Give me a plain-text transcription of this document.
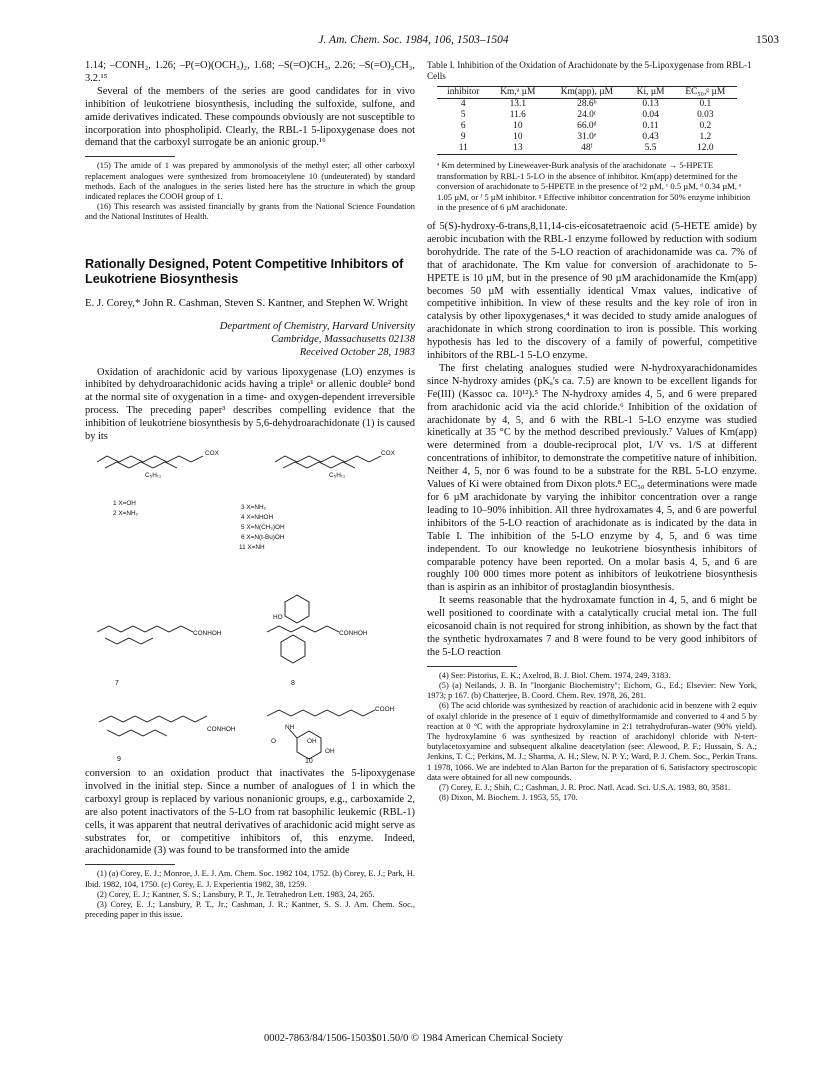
J. Am. Chem. Soc. 1984, 106, 1503–1504	1503

1.14; –CONH₂, 1.26; –P(=O)(OCH₃)₂, 1.68; –S(=O)CH₃, 2.26; –S(=O)₂CH₃, 3.2.¹⁵

Several of the members of the series are good candidates for in vivo inhibition of leukotriene biosynthesis, including the sulfoxide, sulfone, and amide derivatives indicated. These compounds obviously are not susceptible to incorporation into phospholipid. Clearly, the RBL-1 5-lipoxygenase does not demand that the carboxyl surrogate be an anionic group.¹⁶

(15) The amide of 1 was prepared by ammonolysis of the methyl ester; all other carboxyl replacement analogues were synthesized from bromoacetylene 10 (undeuterated) by standard methods. Each of the analogues in the series listed here has the structure in which the group indicated replaces the COOH group of 1.

(16) This research was assisted financially by grants from the National Science Foundation and the National Institutes of Health.

Rationally Designed, Potent Competitive Inhibitors of Leukotriene Biosynthesis
E. J. Corey,* John R. Cashman, Steven S. Kantner, and Stephen W. Wright
Department of Chemistry, Harvard University
Cambridge, Massachusetts 02138
Received October 28, 1983

Oxidation of arachidonic acid by various lipoxygenase (LO) enzymes is inhibited by dehydroarachidonic acids having a triple¹ or allenic double² bond at the normal site of oxygenation in a time- and oxygen-dependent irreversible process. The preceding paper³ describes compelling evidence that the inhibition of leukotriene biosynthesis by 5,6-dehydroarachidonate (1) is caused by its

COX	COX
C₅H₁₁	C₅H₁₁
1 X=OH
2 X=NH₂
3 X=NH₂
4 X=NHOH
5 X=N(CH₃)OH
6 X=N(t-Bu)OH
11 X=NH
HO
CONHOH	CONHOH
7	8
CONHOH
COOH
NH
O	OH
OH
9	10

conversion to an oxidation product that inactivates the 5-lipoxygenase involved in the initial step. Since a number of analogues of 1 in which the carboxyl group is replaced by various nonanionic groups, e.g., carboxamide 2, are also potent inactivators of the 5-LO from rat basophilic leukemic (RBL-1) cells, it was apparent that neutral derivatives of arachidonic acid might serve as substrates for, or competitive inhibitors of, this enzyme. Indeed, arachidonamide (3) was found to be transformed into the amide

(1) (a) Corey, E. J.; Monroe, J. E. J. Am. Chem. Soc. 1982 104, 1752. (b) Corey, E. J.; Park, H. Ibid. 1982, 104, 1750. (c) Corey, E. J. Experientia 1982, 38, 1259.

(2) Corey, E. J.; Kantner, S. S.; Lansbury, P. T., Jr. Tetrahedron Lett. 1983, 24, 265.

(3) Corey, E. J.; Lansbury, P. T., Jr.; Cashman, J. R.; Kantner, S. S. J. Am. Chem. Soc., preceding paper in this issue.

Table I. Inhibition of the Oxidation of Arachidonate by the 5-Lipoxygenase from RBL-1 Cells
inhibitor	Km,ᵃ µM	Km(app), µM	Ki, µM	EC₅₀,ᵍ µM

4	13.1	28.6ᵇ	0.13	0.1
5	11.6	24.0ᶜ	0.04	0.03
6	10	66.0ᵈ	0.11	0.2
9	10	31.0ᵉ	0.43	1.2
11	13	48ᶠ	5.5	12.0
ᵃ Km determined by Lineweaver-Burk analysis of the arachidonate → 5-HPETE transformation by RBL-1 5-LO in the absence of inhibitor. Km(app) determined for the conversion of arachidonate to 5-HPETE in the presence of ᵇ2 µM, ᶜ 0.5 µM, ᵈ 0.34 µM, ᵉ 1.05 µM, or ᶠ 5 µM inhibitor. ᵍ Effective inhibitor concentration for 50% enzyme inhibition in the presence of 6 µM arachidonate.

of 5(S)-hydroxy-6-trans,8,11,14-cis-eicosatetraenoic acid (5-HETE amide) by aerobic incubation with the RBL-1 enzyme followed by reduction with sodium borohydride. The rate of the 5-LO reaction of arachidonamide was ca. 7% of that of arachidonate. The Km value for conversion of arachidonate to 5-HPETE is 10 µM, but in the presence of 90 µM arachidonamide the Km(app) becomes 50 µM with essentially identical Vmax values, indicative of competitive inhibition. In view of these results and the key role of iron in catalysis by other lipoxygenases,⁴ it was decided to study amide analogues of arachidonate in which strong coordination to iron is possible. This working hypothesis has led to the discovery of a family of powerful, competitive inhibitors of the RBL-1 5-LO enzyme.

The first chelating analogues studied were N-hydroxyarachidonamides since N-hydroxy amides (pKₐ's ca. 7.5) are known to be excellent ligands for Fe(III) (Kassoc ca. 10¹²).⁵ The N-hydroxy amides 4, 5, and 6 were prepared from arachidonic acid via the acid chloride.⁶ Inhibition of the oxidation of arachidonate by 4, 5, and 6 with the RBL-1 5-LO enzyme was studied kinetically at 35 °C by the method described previously.⁷ Values of Km(app) were determined from a double-reciprocal plot, 1/V vs. 1/S at different concentrations of inhibitor, to demonstrate the competitive nature of inhibition. Neither 4, 5, nor 6 was found to be a substrate for the RBL 5-LO enzyme. Values of Ki were obtained from Dixon plots.⁸ EC₅₀ determinations were made for 6 µM arachidonate by varying the inhibitor concentration over a range leading to 10–90% inhibition. All three hydroxamates 4, 5, and 6 are powerful inhibitors of the 5-LO reaction of arachidonate as is indicated by the data in Table I. The inhibition of the 5-LO enzyme by 4, 5, and 6 was time independent. To our knowledge no leukotriene biosynthesis inhibitors of comparable potency have been reported. On a molar basis 4, 5, and 6 are roughly 100 000 times more potent as inhibitors of leukotriene biosynthesis than is aspirin as an inhibitor of prostaglandin biosynthesis.

It seems reasonable that the hydroxamate function in 4, 5, and 6 might be well positioned to coordinate with a catalytically crucial metal ion. The full eicosanoid chain is not required for strong inhibition, as shown by the fact that the synthetic hydroxamates 7 and 8 were found to be very good inhibitors of the 5-LO reaction

(4) See: Pistorius, E. K.; Axelrod, B. J. Biol. Chem. 1974, 249, 3183.

(5) (a) Neilands, J. B. In "Inorganic Biochemistry"; Eichorn, G., Ed.; Elsevier: New York, 1973; p 167. (b) Chatterjee, B. Coord. Chem. Rev. 1978, 26, 281.

(6) The acid chloride was synthesized by reaction of arachidonic acid in benzene with 2 equiv of oxalyl chloride in the presence of 1 equiv of dimethylformamide and converted to 4 and 5 by reaction at 0 °C with the appropriate hydroxylamine in 2:1 tetrahydrofuran–water (90% yield). The hydroxylamine 6 was synthesized by reaction of arachidonyl chloride with N-tert-butylacetoxyamine and subsequent alkaline deacetylation (see: Alewood, P. F.; Hussain, S. A.; Jenkins, T. C.; Perkins, M. J.; Sharma, A. H.; Slew, N. P. Y.; Ward, P. J. Chem. Soc., Perkin Trans. 1 1978, 1066. We are indebted to Alan Barton for the preparation of 6. Satisfactory spectroscopic data were obtained for all new compounds.

(7) Corey, E. J.; Shih, C.; Cashman, J. R. Proc. Natl. Acad. Sci. U.S.A. 1983, 80, 3581.

(8) Dixon, M. Biochem. J. 1953, 55, 170.

0002-7863/84/1506-1503$01.50/0 © 1984 American Chemical Society
